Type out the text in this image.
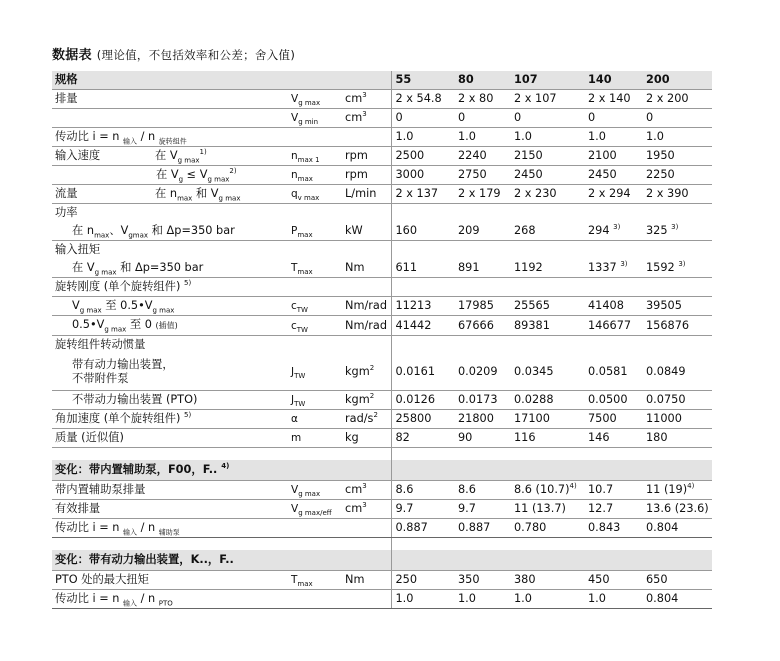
数据表 (理论值，不包括效率和公差；舍入值)
规格			55	80	107	140	200
排量	$V_{g max}$	$cm^3$	2 x 54.8	2 x 80	2 x 107	2 x 140	2 x 200
	$V_{g min}$	$cm^3$	0	0	0	0	0
传动比 i = n $_{输入}$ / n $_{旋转组件}$			1.0	1.0	1.0	1.0	1.0
输入速度 在 $V_{g max}^{1)}$	$n_{max 1}$	rpm	2500	2240	2150	2100	1950
在 $V_g \le V_{g max}^{2)}$	$n_{max}$	rpm	3000	2750	2450	2450	2250
流量 在 $n_{max}$ 和 $V_{g max}$	$q_{v max}$	L/min	2 x 137	2 x 179	2 x 230	2 x 294	2 x 390
功率							
在 $n_{max}$、$V_{gmax}$ 和 Δp=350 bar	$P_{max}$	kW	160	209	268	294 $^{3)}$	325 $^{3)}$
输入扭矩							
在 $V_{g max}$ 和 Δp=350 bar	$T_{max}$	Nm	611	891	1192	1337 $^{3)}$	1592 $^{3)}$
旋转刚度 (单个旋转组件) $^{5)}$	
$V_{g max}$ 至 $0.5•V_{g max}$	$c_{TW}$	Nm/rad	11213	17985	25565	41408	39505
$0.5•V_{g max}$ 至 0 (插值)	$c_{TW}$	Nm/rad	41442	67666	89381	146677	156876
旋转组件转动惯量							
带有动力输出装置，
不带附件泵	$J_{TW}$	kgm$^2$	0.0161	0.0209	0.0345	0.0581	0.0849
不带动力输出装置 (PTO)	$J_{TW}$	kgm$^2$	0.0126	0.0173	0.0288	0.0500	0.0750
角加速度 (单个旋转组件) $^{5)}$	α	rad/$s^2$	25800	21800	17100	7500	11000
质量 (近似值)	m	kg	82	90	116	146	180

变化：带内置辅助泵，F00，F.. $^{4)}$	
带内置辅助泵排量	$V_{g max}$	$cm^3$	8.6	8.6	8.6 $(10.7)^{4)}$	10.7	11 $(19)^{4)}$
有效排量	$V_{g max/eff}$	$cm^3$	9.7	9.7	11 (13.7)	12.7	13.6 (23.6)
传动比 i = n $_{输入}$ / n $_{辅助泵}$			0.887	0.887	0.780	0.843	0.804

变化：带有动力输出装置，K..，F..							
PTO 处的最大扭矩	$T_{max}$	Nm	250	350	380	450	650
传动比 i = n $_{输入}$ / n $_{PTO}$			1.0	1.0	1.0	1.0	0.804
